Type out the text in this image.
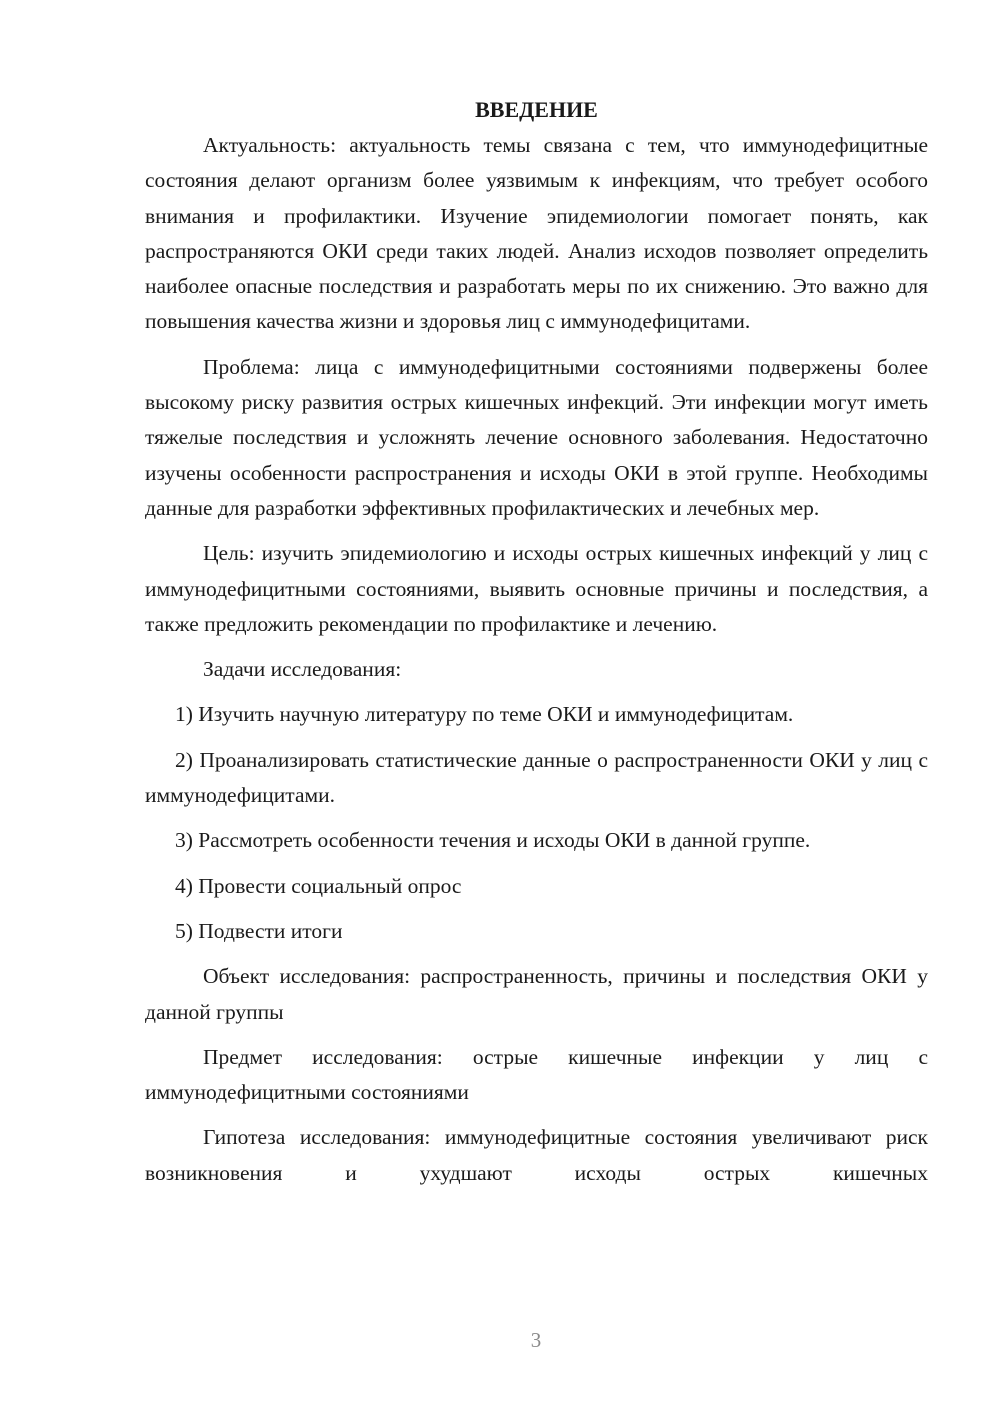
ВВЕДЕНИЕ

Актуальность: актуальность темы связана с тем, что иммунодефицитные состояния делают организм более уязвимым к инфекциям, что требует особого внимания и профилактики. Изучение эпидемиологии помогает понять, как распространяются ОКИ среди таких людей. Анализ исходов позволяет определить наиболее опасные последствия и разработать меры по их снижению. Это важно для повышения качества жизни и здоровья лиц с иммунодефицитами.

Проблема: лица с иммунодефицитными состояниями подвержены более высокому риску развития острых кишечных инфекций. Эти инфекции могут иметь тяжелые последствия и усложнять лечение основного заболевания. Недостаточно изучены особенности распространения и исходы ОКИ в этой группе. Необходимы данные для разработки эффективных профилактических и лечебных мер.

Цель: изучить эпидемиологию и исходы острых кишечных инфекций у лиц с иммунодефицитными состояниями, выявить основные причины и последствия, а также предложить рекомендации по профилактике и лечению.

Задачи исследования:

1) Изучить научную литературу по теме ОКИ и иммунодефицитам.

2) Проанализировать статистические данные о распространенности ОКИ у лиц с иммунодефицитами.

3) Рассмотреть особенности течения и исходы ОКИ в данной группе.

4) Провести социальный опрос

5) Подвести итоги

Объект исследования: распространенность, причины и последствия ОКИ у данной группы

Предмет исследования: острые кишечные инфекции у лиц с иммунодефицитными состояниями

Гипотеза исследования: иммунодефицитные состояния увеличивают риск возникновения и ухудшают исходы острых кишечных

3
